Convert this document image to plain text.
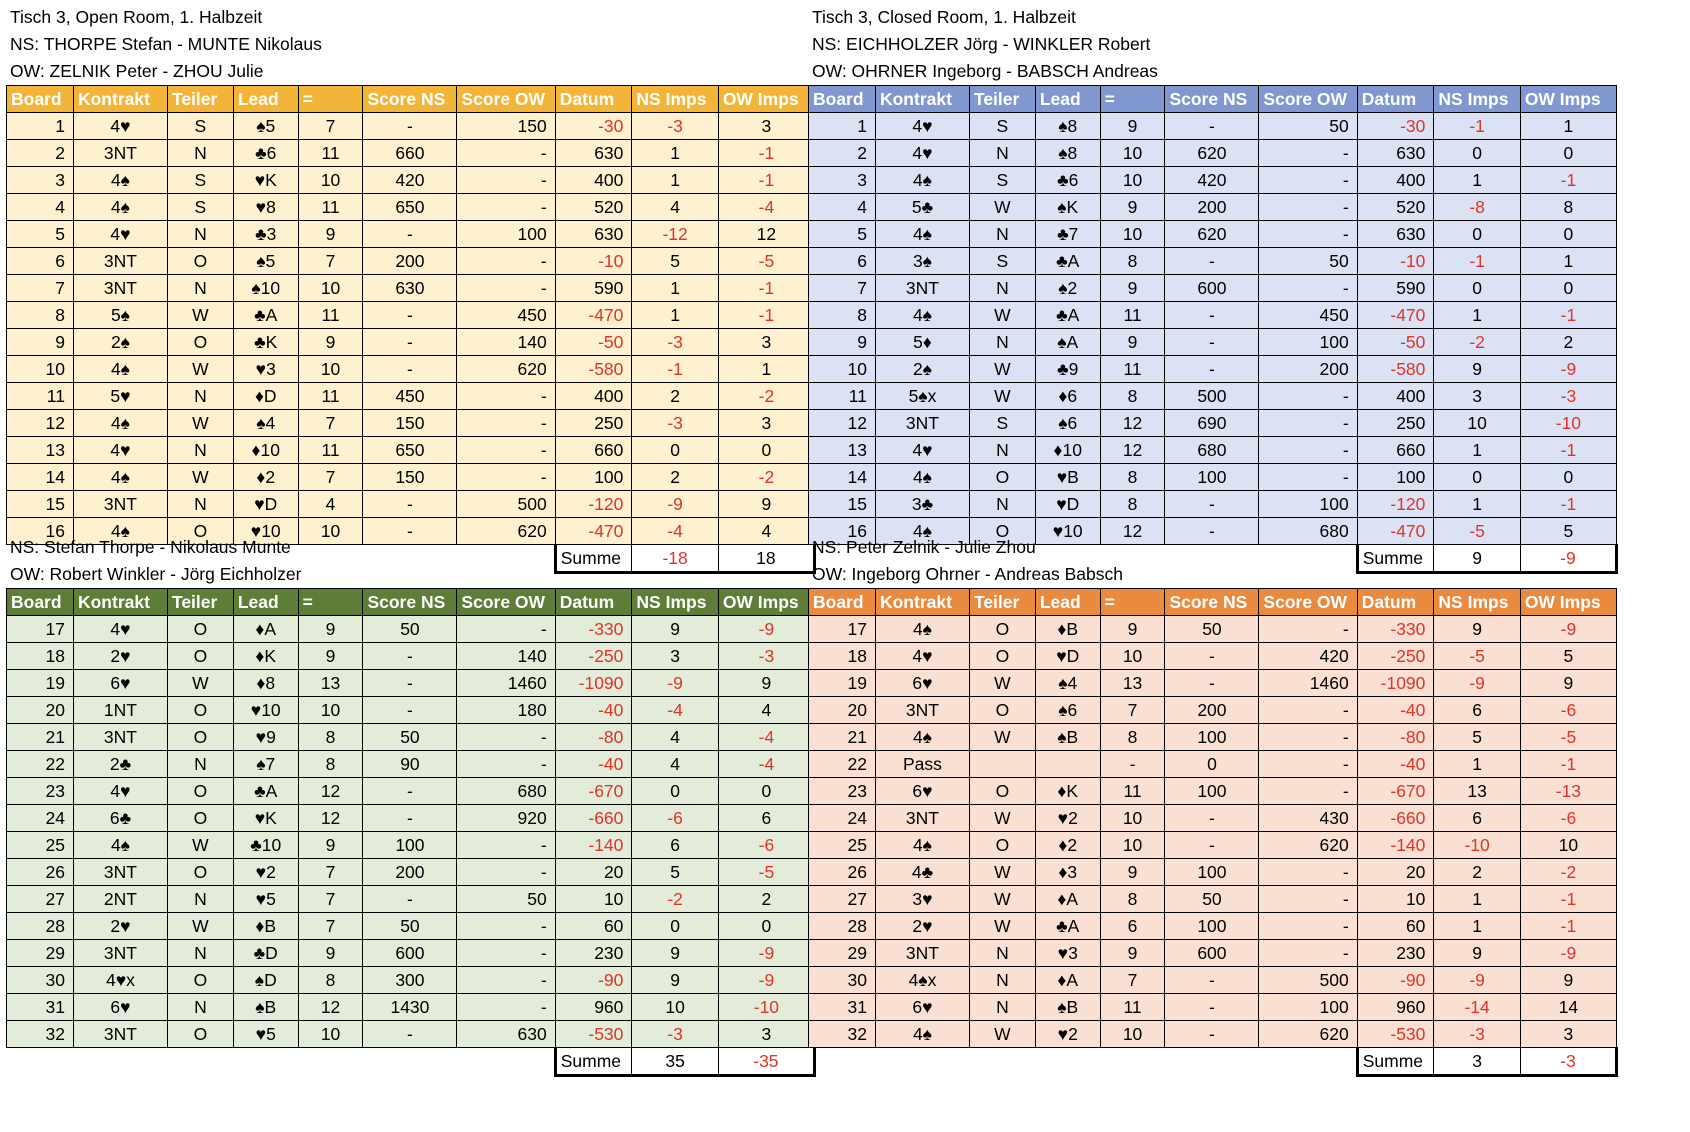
Tisch 3, Open Room, 1. Halbzeit
NS: THORPE Stefan - MUNTE Nikolaus
OW: ZELNIK Peter - ZHOU Julie
Board	Kontrakt	Teiler	Lead	=	Score NS	Score OW	Datum	NS Imps	OW Imps
1	4♥	S	♠5	7	-	150	-30	-3	3
2	3NT	N	♣6	11	660	-	630	1	-1
3	4♠	S	♥K	10	420	-	400	1	-1
4	4♠	S	♥8	11	650	-	520	4	-4
5	4♥	N	♣3	9	-	100	630	-12	12
6	3NT	O	♠5	7	200	-	-10	5	-5
7	3NT	N	♠10	10	630	-	590	1	-1
8	5♠	W	♣A	11	-	450	-470	1	-1
9	2♠	O	♣K	9	-	140	-50	-3	3
10	4♠	W	♥3	10	-	620	-580	-1	1
11	5♥	N	♦D	11	450	-	400	2	-2
12	4♠	W	♠4	7	150	-	250	-3	3
13	4♥	N	♦10	11	650	-	660	0	0
14	4♠	W	♦2	7	150	-	100	2	-2
15	3NT	N	♥D	4	-	500	-120	-9	9
16	4♠	O	♥10	10	-	620	-470	-4	4
							Summe	-18	18
Tisch 3, Closed Room, 1. Halbzeit
NS: EICHHOLZER Jörg - WINKLER Robert
OW: OHRNER Ingeborg - BABSCH Andreas
Board	Kontrakt	Teiler	Lead	=	Score NS	Score OW	Datum	NS Imps	OW Imps
1	4♥	S	♠8	9	-	50	-30	-1	1
2	4♥	N	♠8	10	620	-	630	0	0
3	4♠	S	♣6	10	420	-	400	1	-1
4	5♣	W	♠K	9	200	-	520	-8	8
5	4♠	N	♣7	10	620	-	630	0	0
6	3♠	S	♣A	8	-	50	-10	-1	1
7	3NT	N	♠2	9	600	-	590	0	0
8	4♠	W	♣A	11	-	450	-470	1	-1
9	5♦	N	♠A	9	-	100	-50	-2	2
10	2♠	W	♣9	11	-	200	-580	9	-9
11	5♠x	W	♦6	8	500	-	400	3	-3
12	3NT	S	♠6	12	690	-	250	10	-10
13	4♥	N	♦10	12	680	-	660	1	-1
14	4♠	O	♥B	8	100	-	100	0	0
15	3♣	N	♥D	8	-	100	-120	1	-1
16	4♠	O	♥10	12	-	680	-470	-5	5
							Summe	9	-9
NS: Stefan Thorpe - Nikolaus Munte
OW: Robert Winkler - Jörg Eichholzer
Board	Kontrakt	Teiler	Lead	=	Score NS	Score OW	Datum	NS Imps	OW Imps
17	4♥	O	♦A	9	50	-	-330	9	-9
18	2♥	O	♦K	9	-	140	-250	3	-3
19	6♥	W	♦8	13	-	1460	-1090	-9	9
20	1NT	O	♥10	10	-	180	-40	-4	4
21	3NT	O	♥9	8	50	-	-80	4	-4
22	2♣	N	♠7	8	90	-	-40	4	-4
23	4♥	O	♣A	12	-	680	-670	0	0
24	6♣	O	♥K	12	-	920	-660	-6	6
25	4♠	W	♣10	9	100	-	-140	6	-6
26	3NT	O	♥2	7	200	-	20	5	-5
27	2NT	N	♥5	7	-	50	10	-2	2
28	2♥	W	♦B	7	50	-	60	0	0
29	3NT	N	♣D	9	600	-	230	9	-9
30	4♥x	O	♠D	8	300	-	-90	9	-9
31	6♥	N	♠B	12	1430	-	960	10	-10
32	3NT	O	♥5	10	-	630	-530	-3	3
							Summe	35	-35
NS: Peter Zelnik - Julie Zhou
OW: Ingeborg Ohrner - Andreas Babsch
Board	Kontrakt	Teiler	Lead	=	Score NS	Score OW	Datum	NS Imps	OW Imps
17	4♠	O	♦B	9	50	-	-330	9	-9
18	4♥	O	♥D	10	-	420	-250	-5	5
19	6♥	W	♠4	13	-	1460	-1090	-9	9
20	3NT	O	♠6	7	200	-	-40	6	-6
21	4♠	W	♠B	8	100	-	-80	5	-5
22	Pass			-	0	-	-40	1	-1
23	6♥	O	♦K	11	100	-	-670	13	-13
24	3NT	W	♥2	10	-	430	-660	6	-6
25	4♠	O	♦2	10	-	620	-140	-10	10
26	4♣	W	♦3	9	100	-	20	2	-2
27	3♥	W	♦A	8	50	-	10	1	-1
28	2♥	W	♣A	6	100	-	60	1	-1
29	3NT	N	♥3	9	600	-	230	9	-9
30	4♠x	N	♦A	7	-	500	-90	-9	9
31	6♥	N	♠B	11	-	100	960	-14	14
32	4♠	W	♥2	10	-	620	-530	-3	3
							Summe	3	-3
